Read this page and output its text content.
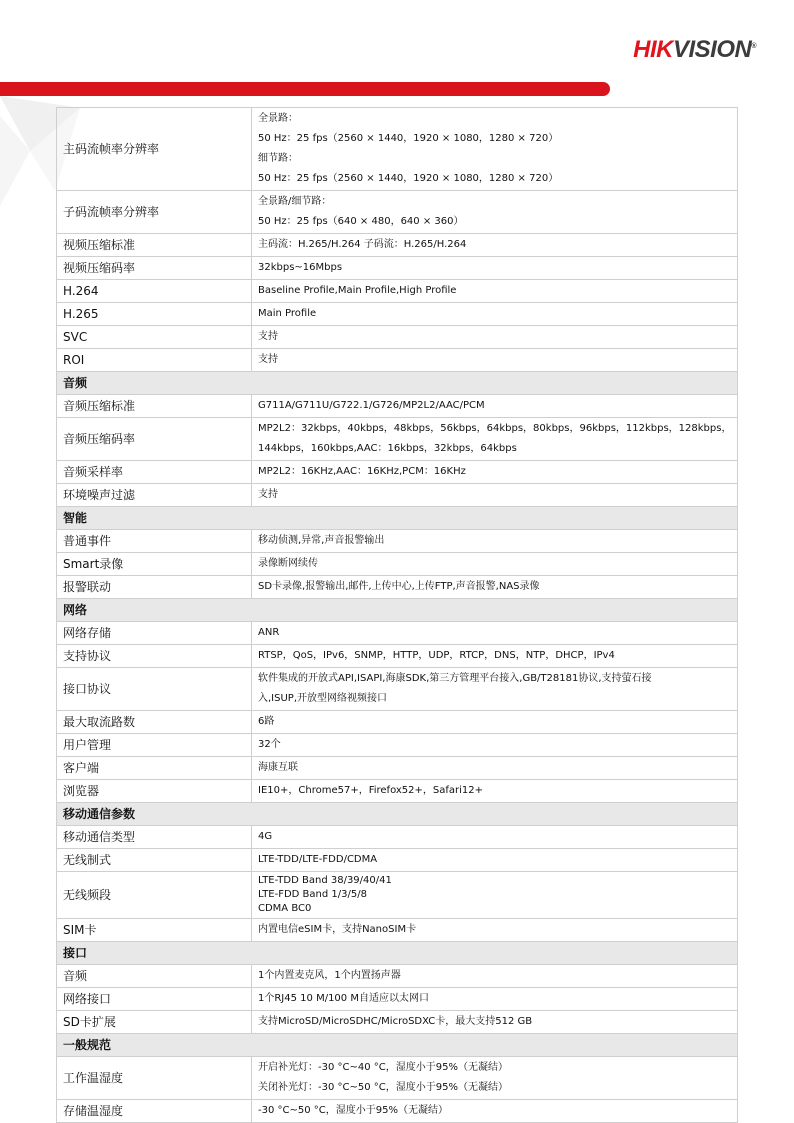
HIKVISION®
主码流帧率分辨率	全景路：
50 Hz：25 fps（2560 × 1440，1920 × 1080，1280 × 720）
细节路：
50 Hz：25 fps（2560 × 1440，1920 × 1080，1280 × 720）

子码流帧率分辨率	全景路/细节路：
50 Hz：25 fps（640 × 480，640 × 360）

视频压缩标准	主码流：H.265/H.264 子码流：H.265/H.264

视频压缩码率	32kbps~16Mbps

H.264	Baseline Profile,Main Profile,High Profile

H.265	Main Profile

SVC	支持

ROI	支持

音频	
音频压缩标准	G711A/G711U/G722.1/G726/MP2L2/AAC/PCM

音频压缩码率	MP2L2：32kbps，40kbps，48kbps，56kbps，64kbps，80kbps，96kbps，112kbps，128kbps，
144kbps，160kbps,AAC：16kbps，32kbps，64kbps

音频采样率	MP2L2：16KHz,AAC：16KHz,PCM：16KHz

环境噪声过滤	支持

智能	
普通事件	移动侦测,异常,声音报警输出

Smart录像	录像断网续传

报警联动	SD卡录像,报警输出,邮件,上传中心,上传FTP,声音报警,NAS录像

网络	
网络存储	ANR

支持协议	RTSP，QoS，IPv6，SNMP，HTTP，UDP，RTCP，DNS，NTP，DHCP，IPv4

接口协议	软件集成的开放式API,ISAPI,海康SDK,第三方管理平台接入,GB/T28181协议,支持萤石接
入,ISUP,开放型网络视频接口

最大取流路数	6路

用户管理	32个

客户端	海康互联

浏览器	IE10+，Chrome57+，Firefox52+，Safari12+

移动通信参数	
移动通信类型	4G

无线制式	LTE-TDD/LTE-FDD/CDMA

无线频段	LTE-TDD Band 38/39/40/41
LTE-FDD Band 1/3/5/8
CDMA BC0

SIM卡	内置电信eSIM卡，支持NanoSIM卡

接口	
音频	1个内置麦克风，1个内置扬声器

网络接口	1个RJ45 10 M/100 M自适应以太网口

SD卡扩展	支持MicroSD/MicroSDHC/MicroSDXC卡，最大支持512 GB

一般规范	
工作温湿度	开启补光灯：-30 °C~40 °C，湿度小于95%（无凝结）
关闭补光灯：-30 °C~50 °C，湿度小于95%（无凝结）

存储温湿度	-30 °C~50 °C，湿度小于95%（无凝结）
